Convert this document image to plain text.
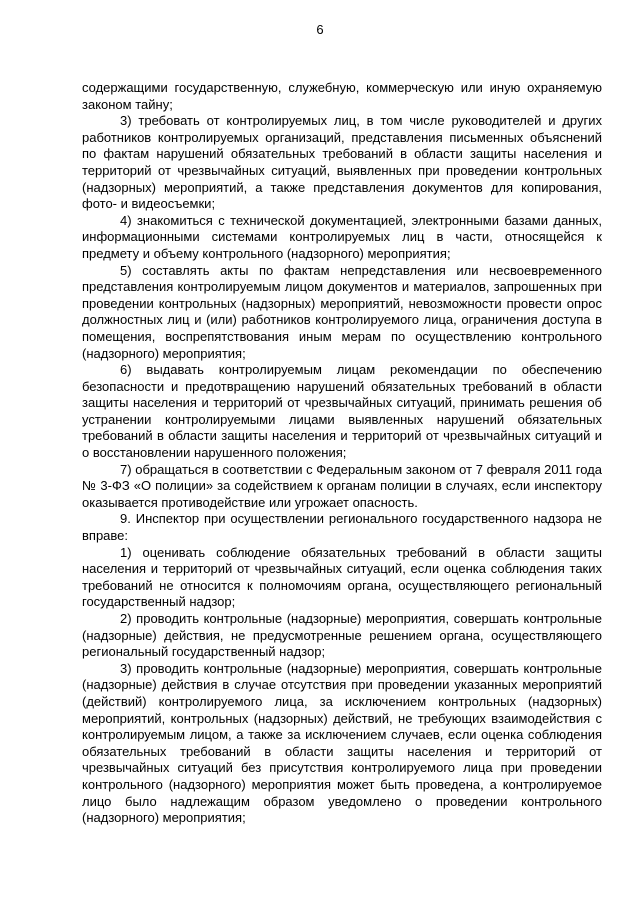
6

содержащими государственную, служебную, коммерческую или иную охраняемую законом тайну;

3) требовать от контролируемых лиц, в том числе руководителей и других работников контролируемых организаций, представления письменных объяснений по фактам нарушений обязательных требований в области защиты населения и территорий от чрезвычайных ситуаций, выявленных при проведении контрольных (надзорных) мероприятий, а также представления документов для копирования, фото- и видеосъемки;

4) знакомиться с технической документацией, электронными базами данных, информационными системами контролируемых лиц в части, относящейся к предмету и объему контрольного (надзорного) мероприятия;

5) составлять акты по фактам непредставления или несвоевременного представления контролируемым лицом документов и материалов, запрошенных при проведении контрольных (надзорных) мероприятий, невозможности провести опрос должностных лиц и (или) работников контролируемого лица, ограничения доступа в помещения, воспрепятствования иным мерам по осуществлению контрольного (надзорного) мероприятия;

6) выдавать контролируемым лицам рекомендации по обеспечению безопасности и предотвращению нарушений обязательных требований в области защиты населения и территорий от чрезвычайных ситуаций, принимать решения об устранении контролируемыми лицами выявленных нарушений обязательных требований в области защиты населения и территорий от чрезвычайных ситуаций и о восстановлении нарушенного положения;

7) обращаться в соответствии с Федеральным законом от 7 февраля 2011 года № 3-ФЗ «О полиции» за содействием к органам полиции в случаях, если инспектору оказывается противодействие или угрожает опасность.

9. Инспектор при осуществлении регионального государственного надзора не вправе:

1) оценивать соблюдение обязательных требований в области защиты населения и территорий от чрезвычайных ситуаций, если оценка соблюдения таких требований не относится к полномочиям органа, осуществляющего региональный государственный надзор;

2) проводить контрольные (надзорные) мероприятия, совершать контрольные (надзорные) действия, не предусмотренные решением органа, осуществляющего региональный государственный надзор;

3) проводить контрольные (надзорные) мероприятия, совершать контрольные (надзорные) действия в случае отсутствия при проведении указанных мероприятий (действий) контролируемого лица, за исключением контрольных (надзорных) мероприятий, контрольных (надзорных) действий, не требующих взаимодействия с контролируемым лицом, а также за исключением случаев, если оценка соблюдения обязательных требований в области защиты населения и территорий от чрезвычайных ситуаций без присутствия контролируемого лица при проведении контрольного (надзорного) мероприятия может быть проведена, а контролируемое лицо было надлежащим образом уведомлено о проведении контрольного (надзорного) мероприятия;
